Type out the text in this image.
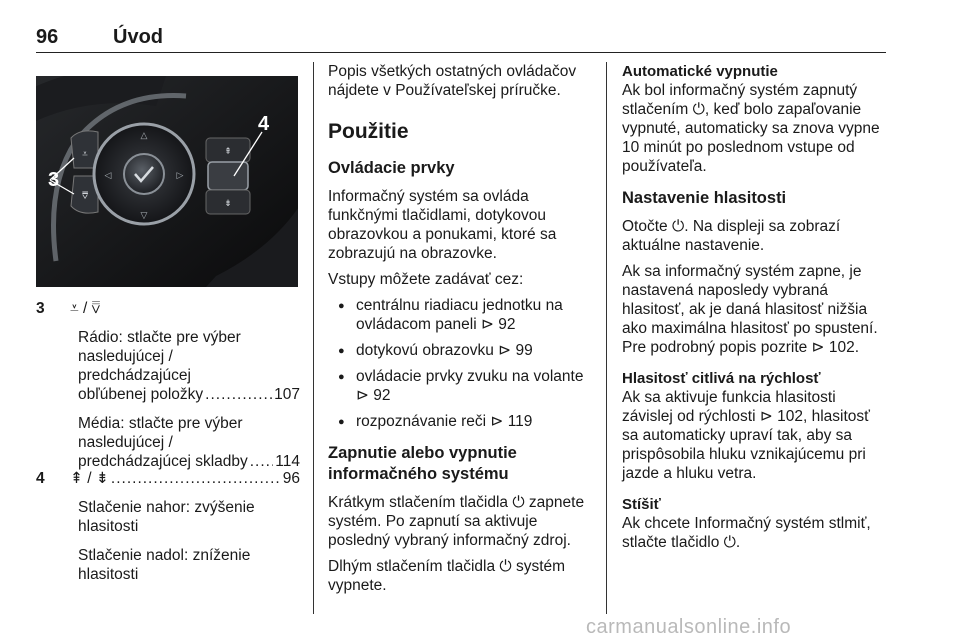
96	Úvod
⩡
⩢
△
▽
◁	▷
⇞
⇟
3
4
3 ⩡ / ⩢
Rádio: stlačte pre výber
nasledujúcej /
predchádzajúcej
obľúbenej položky .....	107
Média: stlačte pre výber
nasledujúcej /
predchádzajúcej skladby ..... 114
4 ⇞ / ⇟ .....	96
Stlačenie nahor: zvýšenie
hlasitosti
Stlačenie nadol: zníženie
hlasitosti
Popis všetkých ostatných ovládačov
nájdete v Používateľskej príručke.
Použitie
Ovládacie prvky
Informačný systém sa ovláda
funkčnými tlačidlami, dotykovou
obrazovkou a ponukami, ktoré sa
zobrazujú na obrazovke.
Vstupy môžete zadávať cez:
● centrálnu riadiacu jednotku na
ovládacom paneli ⊳ 92
● dotykovú obrazovku ⊳ 99
● ovládacie prvky zvuku na volante
⊳ 92
● rozpoznávanie reči ⊳ 119
Zapnutie alebo vypnutie
informačného systému
Krátkym stlačením tlačidla ⏻ zapnete
systém. Po zapnutí sa aktivuje
posledný vybraný informačný zdroj.
Dlhým stlačením tlačidla ⏻ systém
vypnete.
Automatické vypnutie
Ak bol informačný systém zapnutý
stlačením ⏻, keď bolo zapaľovanie
vypnuté, automaticky sa znova vypne
10 minút po poslednom vstupe od
používateľa.
Nastavenie hlasitosti
Otočte ⏻. Na displeji sa zobrazí
aktuálne nastavenie.
Ak sa informačný systém zapne, je
nastavená naposledy vybraná
hlasitosť, ak je daná hlasitosť nižšia
ako maximálna hlasitosť po spustení.
Pre podrobný popis pozrite ⊳ 102.
Hlasitosť citlivá na rýchlosť
Ak sa aktivuje funkcia hlasitosti
závislej od rýchlosti ⊳ 102, hlasitosť
sa automaticky upraví tak, aby sa
prispôsobila hluku vznikajúcemu pri
jazde a hluku vetra.
Stíšiť
Ak chcete Informačný systém stlmiť,
stlačte tlačidlo ⏻.
carmanualsonline.info
